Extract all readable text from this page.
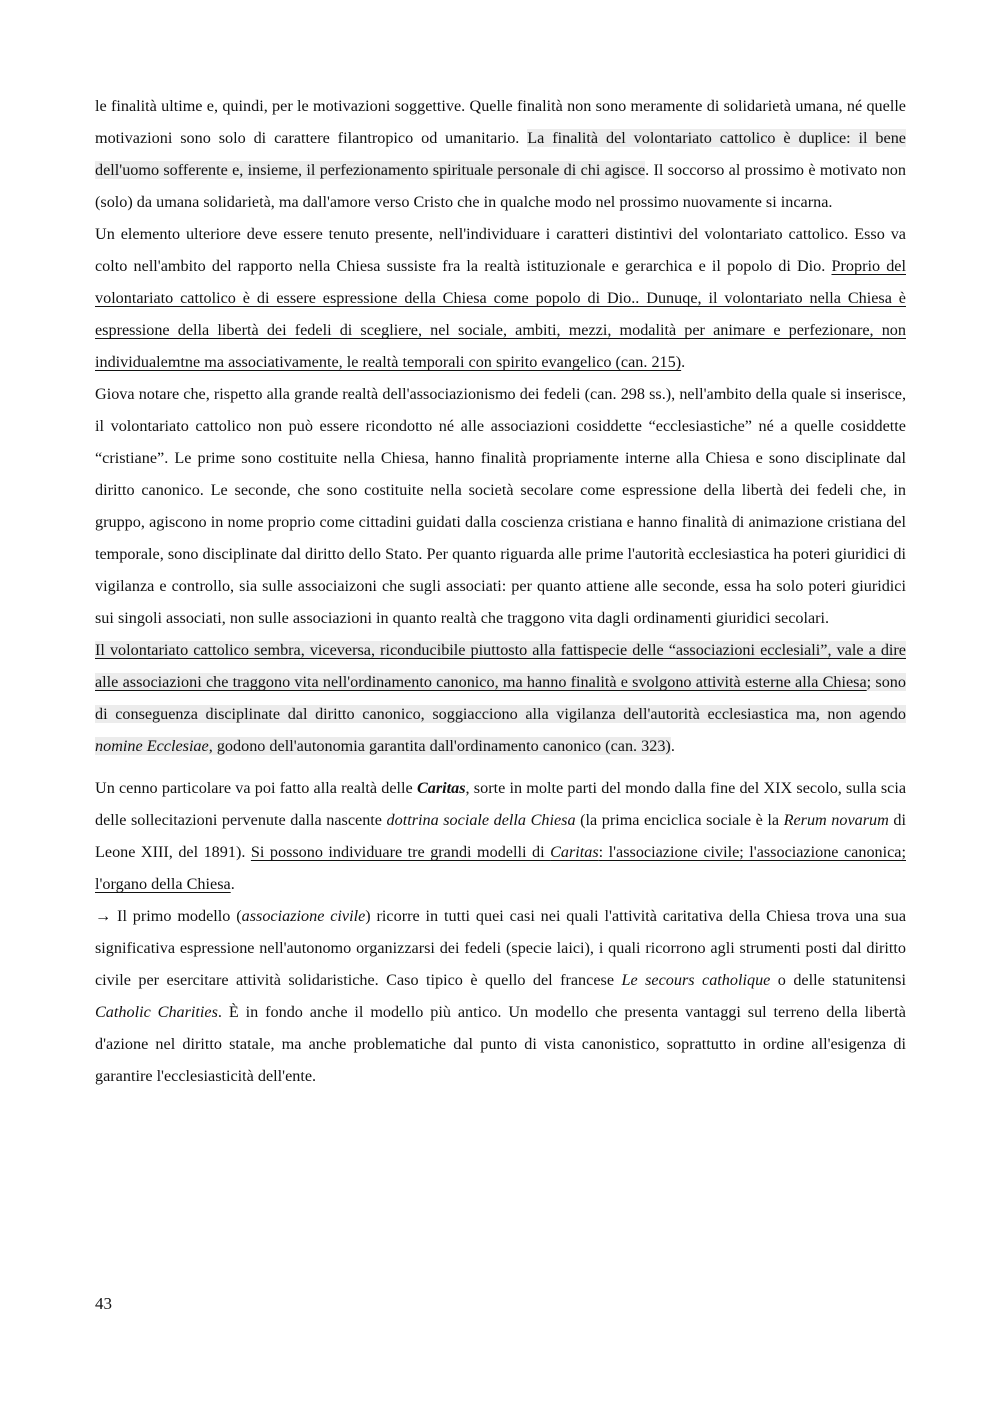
le finalità ultime e, quindi, per le motivazioni soggettive. Quelle finalità non sono meramente di solidarietà umana, né quelle motivazioni sono solo di carattere filantropico od umanitario. La finalità del volontariato cattolico è duplice: il bene dell'uomo sofferente e, insieme, il perfezionamento spirituale personale di chi agisce. Il soccorso al prossimo è motivato non (solo) da umana solidarietà, ma dall'amore verso Cristo che in qualche modo nel prossimo nuovamente si incarna.

Un elemento ulteriore deve essere tenuto presente, nell'individuare i caratteri distintivi del volontariato cattolico. Esso va colto nell'ambito del rapporto nella Chiesa sussiste fra la realtà istituzionale e gerarchica e il popolo di Dio. Proprio del volontariato cattolico è di essere espressione della Chiesa come popolo di Dio.. Dunuqe, il volontariato nella Chiesa è espressione della libertà dei fedeli di scegliere, nel sociale, ambiti, mezzi, modalità per animare e perfezionare, non individualemtne ma associativamente, le realtà temporali con spirito evangelico (can. 215).

Giova notare che, rispetto alla grande realtà dell'associazionismo dei fedeli (can. 298 ss.), nell'ambito della quale si inserisce, il volontariato cattolico non può essere ricondotto né alle associazioni cosiddette “ecclesiastiche” né a quelle cosiddette “cristiane”. Le prime sono costituite nella Chiesa, hanno finalità propriamente interne alla Chiesa e sono disciplinate dal diritto canonico. Le seconde, che sono costituite nella società secolare come espressione della libertà dei fedeli che, in gruppo, agiscono in nome proprio come cittadini guidati dalla coscienza cristiana e hanno finalità di animazione cristiana del temporale, sono disciplinate dal diritto dello Stato. Per quanto riguarda alle prime l'autorità ecclesiastica ha poteri giuridici di vigilanza e controllo, sia sulle associaizoni che sugli associati: per quanto attiene alle seconde, essa ha solo poteri giuridici sui singoli associati, non sulle associazioni in quanto realtà che traggono vita dagli ordinamenti giuridici secolari.

Il volontariato cattolico sembra, viceversa, riconducibile piuttosto alla fattispecie delle “associazioni ecclesiali”, vale a dire alle associazioni che traggono vita nell'ordinamento canonico, ma hanno finalità e svolgono attività esterne alla Chiesa; sono di conseguenza disciplinate dal diritto canonico, soggiacciono alla vigilanza dell'autorità ecclesiastica ma, non agendo nomine Ecclesiae, godono dell'autonomia garantita dall'ordinamento canonico (can. 323).

Un cenno particolare va poi fatto alla realtà delle Caritas, sorte in molte parti del mondo dalla fine del XIX secolo, sulla scia delle sollecitazioni pervenute dalla nascente dottrina sociale della Chiesa (la prima enciclica sociale è la Rerum novarum di Leone XIII, del 1891). Si possono individuare tre grandi modelli di Caritas: l'associazione civile; l'associazione canonica; l'organo della Chiesa.

→ Il primo modello (associazione civile) ricorre in tutti quei casi nei quali l'attività caritativa della Chiesa trova una sua significativa espressione nell'autonomo organizzarsi dei fedeli (specie laici), i quali ricorrono agli strumenti posti dal diritto civile per esercitare attività solidaristiche. Caso tipico è quello del francese Le secours catholique o delle statunitensi Catholic Charities. È in fondo anche il modello più antico. Un modello che presenta vantaggi sul terreno della libertà d'azione nel diritto statale, ma anche problematiche dal punto di vista canonistico, soprattutto in ordine all'esigenza di garantire l'ecclesiasticità dell'ente.

43
